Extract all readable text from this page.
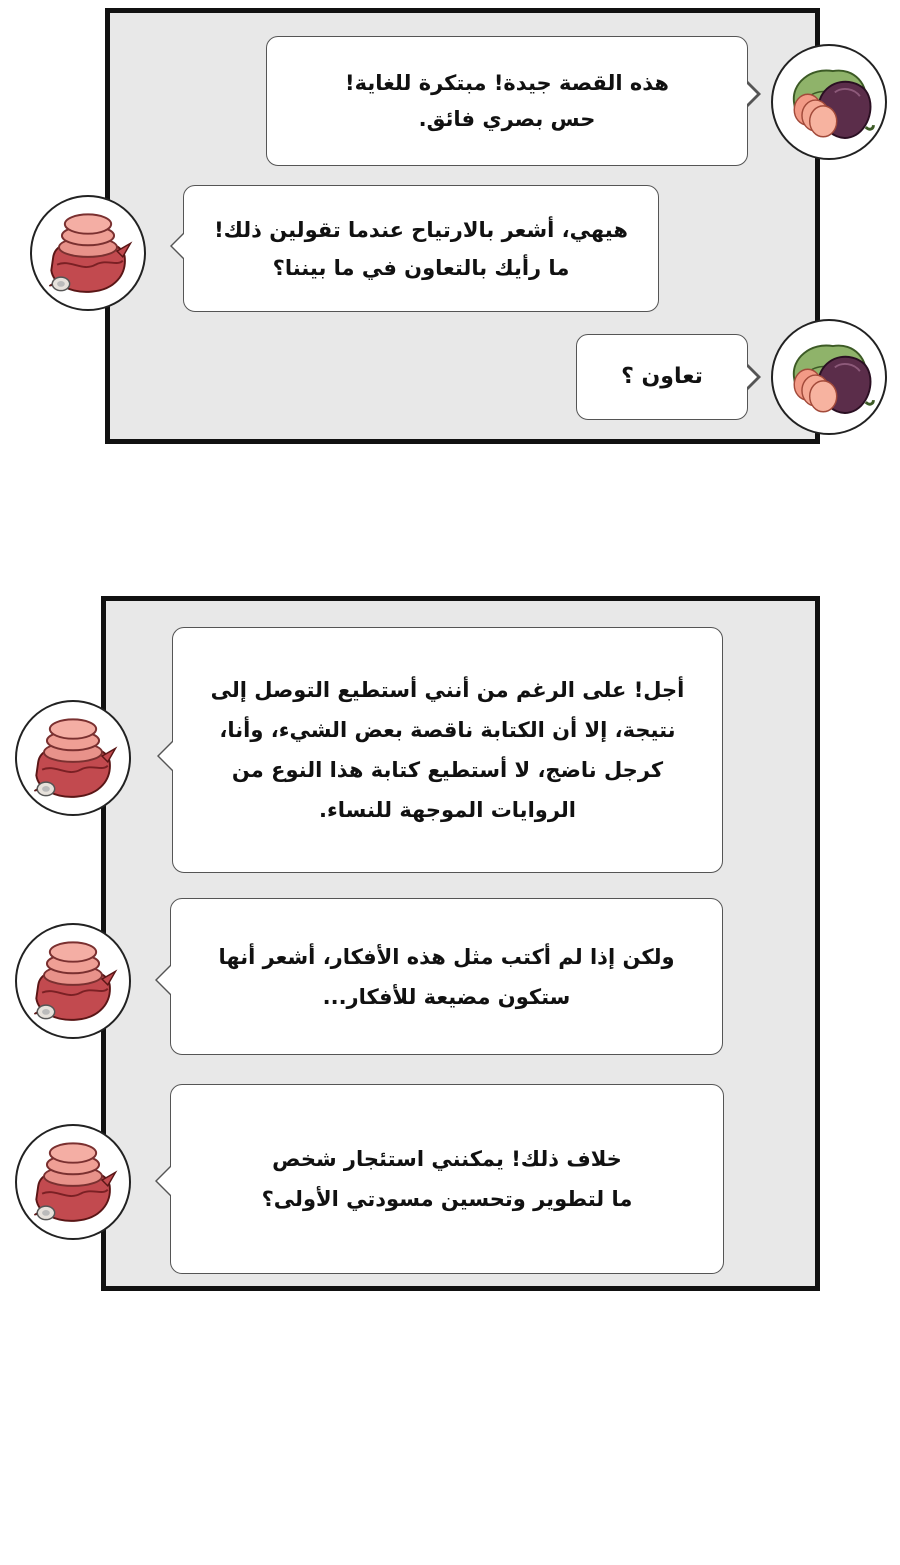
هذه القصة جيدة! مبتكرة للغاية!
حس بصري فائق.
هيهي، أشعر بالارتياح عندما تقولين ذلك!
ما رأيك بالتعاون في ما بيننا؟
تعاون ؟
أجل! على الرغم من أنني أستطيع التوصل إلى
نتيجة، إلا أن الكتابة ناقصة بعض الشيء، وأنا،
كرجل ناضج، لا أستطيع كتابة هذا النوع من
الروايات الموجهة للنساء.
ولكن إذا لم أكتب مثل هذه الأفكار، أشعر أنها
ستكون مضيعة للأفكار...
خلاف ذلك! يمكنني استئجار شخص
ما لتطوير وتحسين مسودتي الأولى؟
